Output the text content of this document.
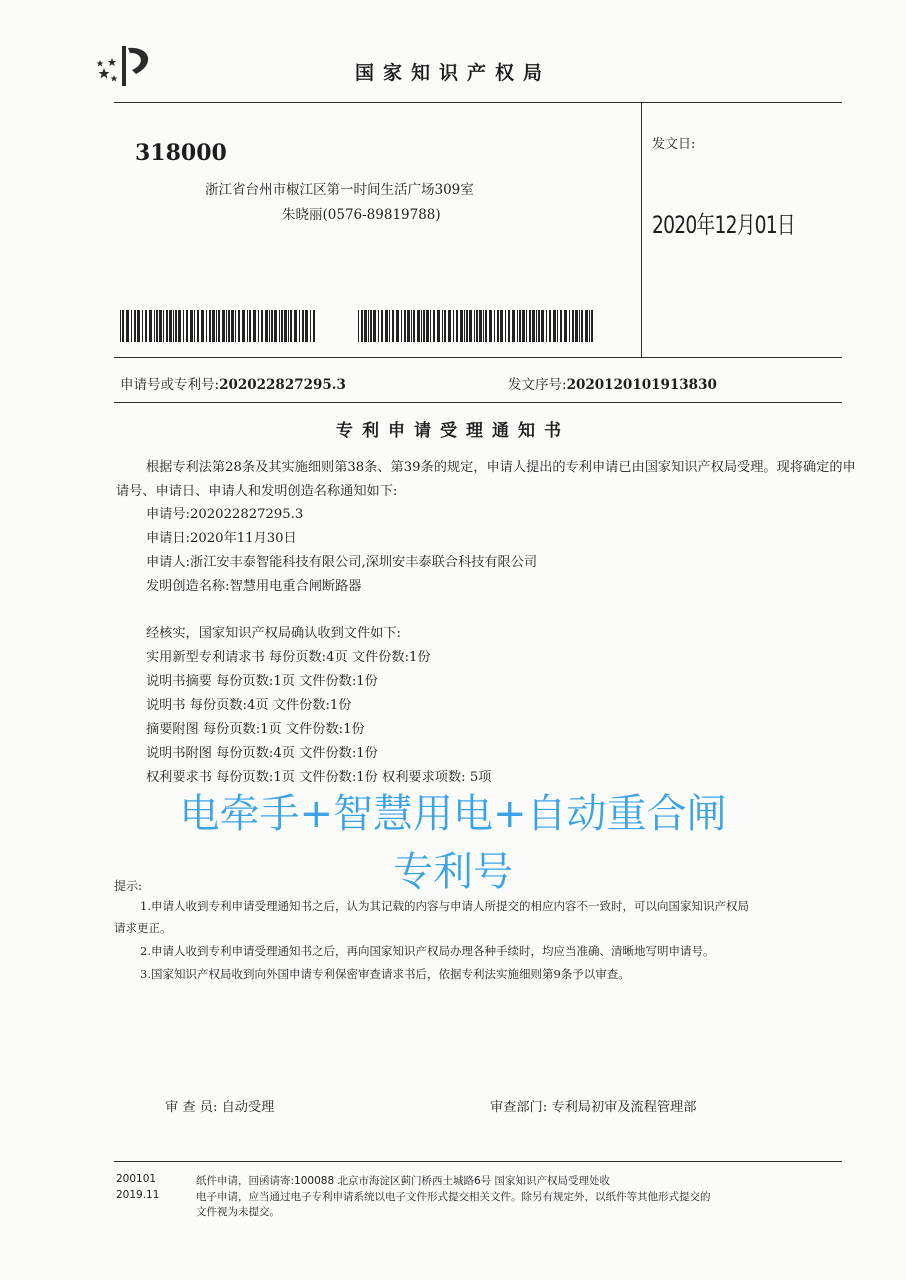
国家知识产权局
318000
浙江省台州市椒江区第一时间生活广场309室
朱晓丽(0576-89819788)
发文日:
2020年12月01日
申请号或专利号:202022827295.3	发文序号:2020120101913830
专利申请受理通知书
根据专利法第28条及其实施细则第38条、第39条的规定，申请人提出的专利申请已由国家知识产权局受理。现将确定的申请号、申请日、申请人和发明创造名称通知如下:
申请号:202022827295.3
申请日:2020年11月30日
申请人:浙江安丰泰智能科技有限公司,深圳安丰泰联合科技有限公司
发明创造名称:智慧用电重合闸断路器
经核实，国家知识产权局确认收到文件如下:
实用新型专利请求书 每份页数:4页 文件份数:1份
说明书摘要 每份页数:1页 文件份数:1份
说明书 每份页数:4页 文件份数:1份
摘要附图 每份页数:1页 文件份数:1份
说明书附图 每份页数:4页 文件份数:1份
权利要求书 每份页数:1页 文件份数:1份 权利要求项数: 5项
电牵手+智慧用电+自动重合闸
专利号
提示:
1.申请人收到专利申请受理通知书之后，认为其记载的内容与申请人所提交的相应内容不一致时，可以向国家知识产权局
请求更正。
2.申请人收到专利申请受理通知书之后，再向国家知识产权局办理各种手续时，均应当准确、清晰地写明申请号。
3.国家知识产权局收到向外国申请专利保密审查请求书后，依据专利法实施细则第9条予以审查。
审 查 员: 自动受理	审查部门: 专利局初审及流程管理部
200101
2019.11
纸件申请，回函请寄:100088 北京市海淀区蓟门桥西土城路6号 国家知识产权局受理处收
电子申请，应当通过电子专利申请系统以电子文件形式提交相关文件。除另有规定外，以纸件等其他形式提交的
文件视为未提交。
